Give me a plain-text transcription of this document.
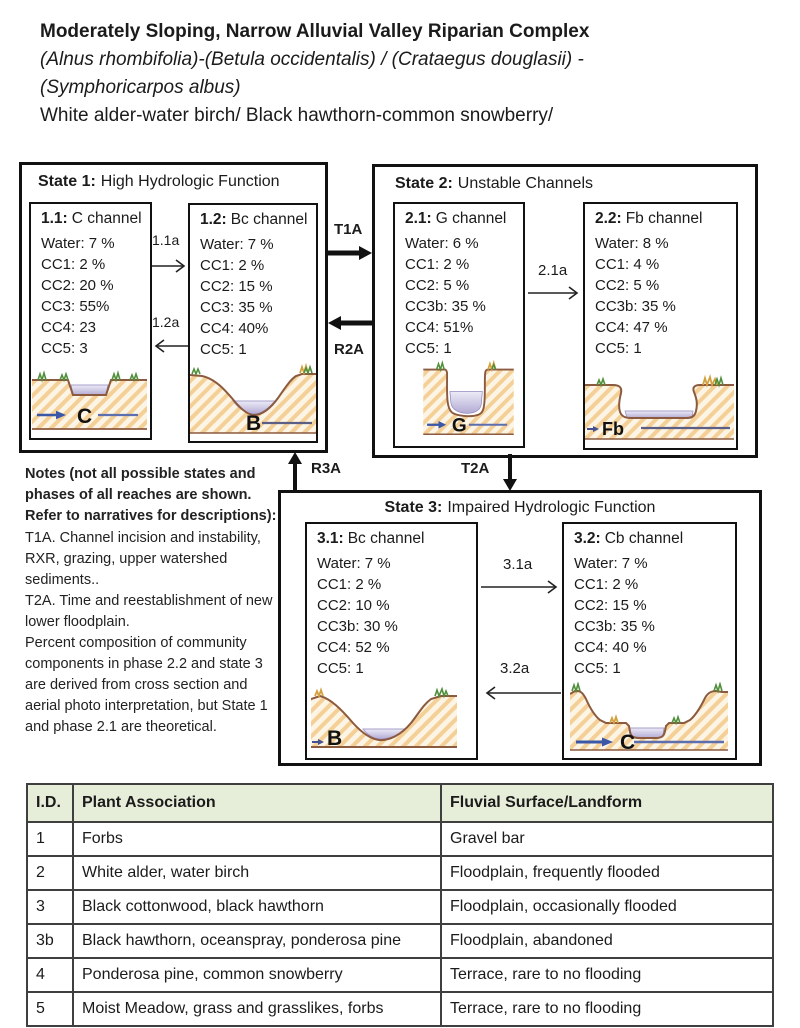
Moderately Sloping, Narrow Alluvial Valley Riparian Complex
(Alnus rhombifolia)-(Betula occidentalis) / (Crataegus douglasii) -
(Symphoricarpos albus)
White alder-water birch/ Black hawthorn-common snowberry/
State 1: High Hydrologic Function
1.1: C channel
Water: 7 %
CC1: 2 %
CC2: 20 %
CC3: 55%
CC4: 23
CC5: 3
C
1.2: Bc channel
Water: 7 %
CC1: 2 %
CC2: 15 %
CC3: 35 %
CC4: 40%
CC5: 1
B
State 2: Unstable Channels
2.1: G channel
Water: 6 %
CC1: 2 %
CC2: 5 %
CC3b: 35 %
CC4: 51%
CC5: 1
G
2.2: Fb channel
Water: 8 %
CC1: 4 %
CC2: 5 %
CC3b: 35 %
CC4: 47 %
CC5: 1
Fb
State 3: Impaired Hydrologic Function
3.1: Bc channel
Water: 7 %
CC1: 2 %
CC2: 10 %
CC3b: 30 %
CC4: 52 %
CC5: 1
B
3.2: Cb channel
Water: 7 %
CC1: 2 %
CC2: 15 %
CC3b: 35 %
CC4: 40 %
CC5: 1
C
1.1a
1.2a
T1A
R2A
2.1a
R3A	T2A
3.1a
3.2a

Notes (not all possible states and phases of all reaches are shown. Refer to narratives for descriptions):

T1A. Channel incision and instability, RXR, grazing, upper watershed sediments..

T2A. Time and reestablishment of new lower floodplain.

Percent composition of community components in phase 2.2 and state 3 are derived from cross section and aerial photo interpretation, but State 1 and phase 2.1 are theoretical.

I.D.	Plant Association	Fluvial Surface/Landform
1	Forbs	Gravel bar
2	White alder, water birch	Floodplain, frequently flooded
3	Black cottonwood, black hawthorn	Floodplain, occasionally flooded
3b	Black hawthorn, oceanspray, ponderosa pine	Floodplain, abandoned
4	Ponderosa pine, common snowberry	Terrace, rare to no flooding
5	Moist Meadow, grass and grasslikes, forbs	Terrace, rare to no flooding
